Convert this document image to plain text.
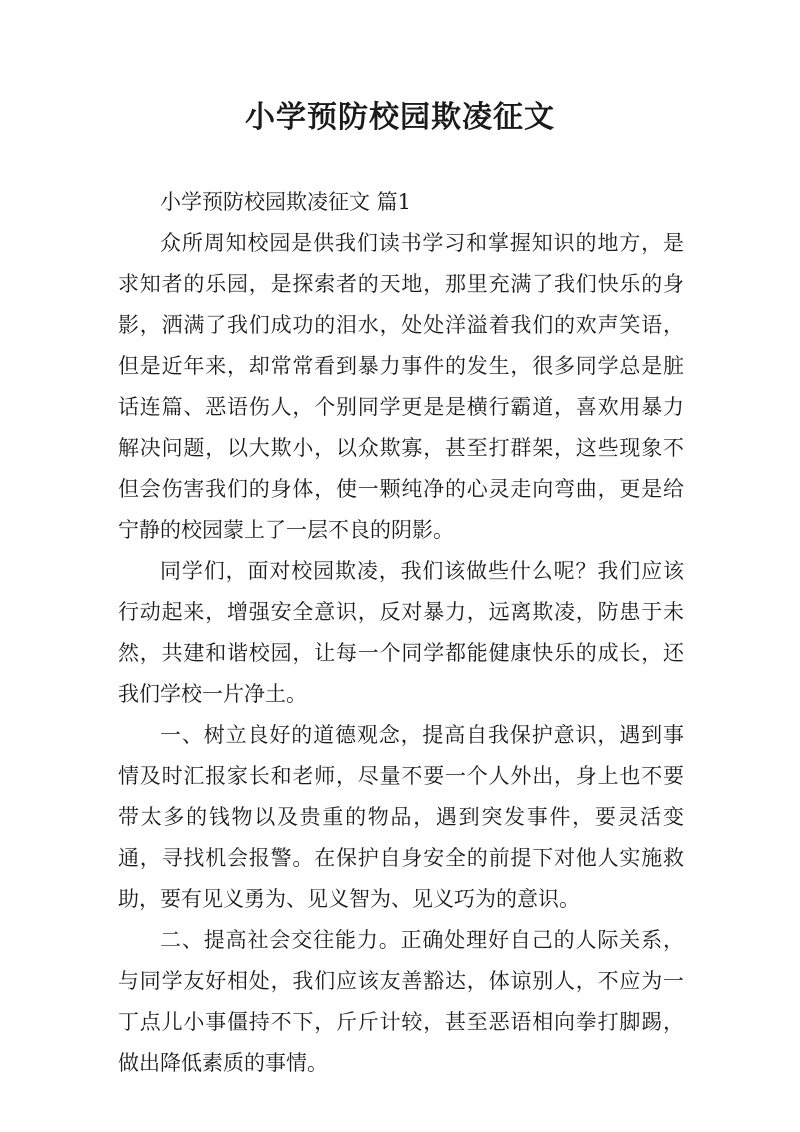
小学预防校园欺凌征文

小学预防校园欺凌征文 篇1

众所周知校园是供我们读书学习和掌握知识的地方，是求知者的乐园，是探索者的天地，那里充满了我们快乐的身影，洒满了我们成功的泪水，处处洋溢着我们的欢声笑语，但是近年来，却常常看到暴力事件的发生，很多同学总是脏话连篇、恶语伤人，个别同学更是是横行霸道，喜欢用暴力解决问题，以大欺小，以众欺寡，甚至打群架，这些现象不但会伤害我们的身体，使一颗纯净的心灵走向弯曲，更是给宁静的校园蒙上了一层不良的阴影。

同学们，面对校园欺凌，我们该做些什么呢？我们应该行动起来，增强安全意识，反对暴力，远离欺凌，防患于未然，共建和谐校园，让每一个同学都能健康快乐的成长，还我们学校一片净土。

一、树立良好的道德观念，提高自我保护意识，遇到事情及时汇报家长和老师，尽量不要一个人外出，身上也不要带太多的钱物以及贵重的物品，遇到突发事件，要灵活变通，寻找机会报警。在保护自身安全的前提下对他人实施救助，要有见义勇为、见义智为、见义巧为的意识。

二、提高社会交往能力。正确处理好自己的人际关系，与同学友好相处，我们应该友善豁达，体谅别人，不应为一丁点儿小事僵持不下，斤斤计较，甚至恶语相向拳打脚踢，做出降低素质的事情。
